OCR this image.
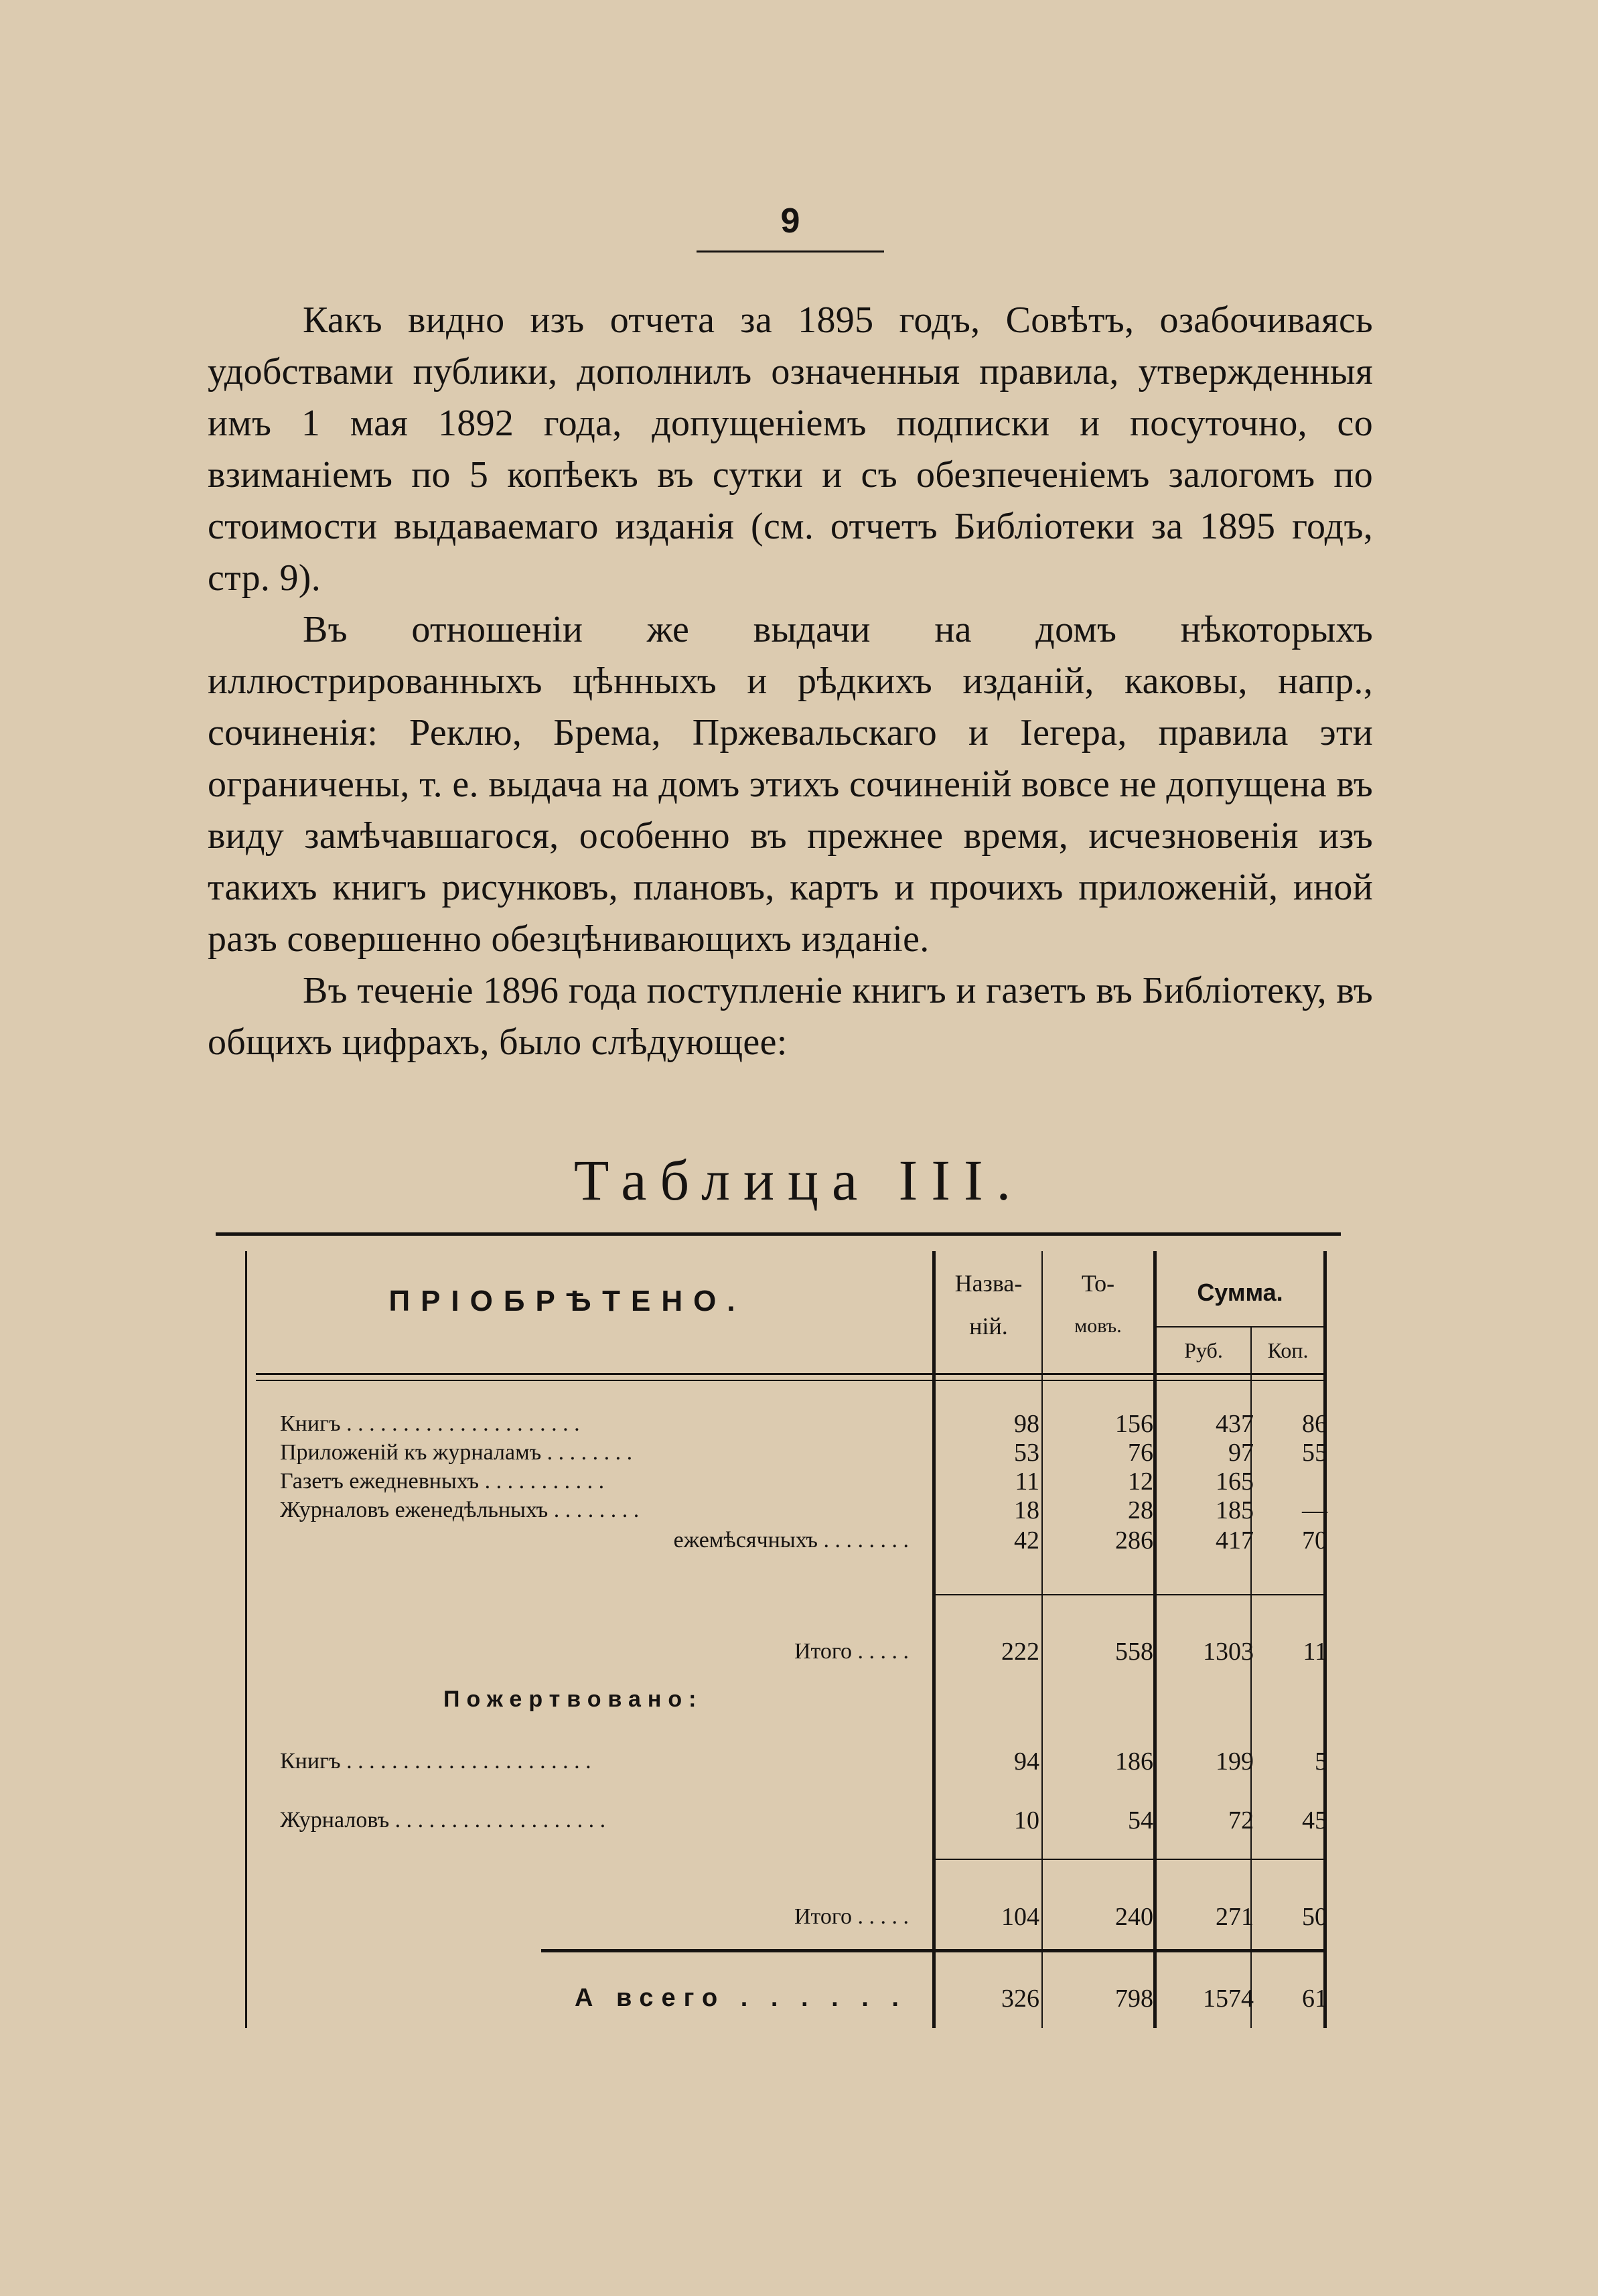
9

Какъ видно изъ отчета за 1895 годъ, Совѣтъ, озабочиваясь удобствами публики, дополнилъ означенныя правила, утвержденныя имъ 1 мая 1892 года, допущеніемъ подписки и посуточно, со взиманіемъ по 5 копѣекъ въ сутки и съ обезпеченіемъ залогомъ по стоимости выдаваемаго изданія (см. отчетъ Библіотеки за 1895 годъ, стр. 9).

Въ отношеніи же выдачи на домъ нѣкоторыхъ иллюстрированныхъ цѣнныхъ и рѣдкихъ изданій, каковы, напр., сочиненія: Реклю, Брема, Пржевальскаго и Iегера, правила эти ограничены, т. е. выдача на домъ этихъ сочиненій вовсе не допущена въ виду замѣчавшагося, особенно въ прежнее время, исчезновенія изъ такихъ книгъ рисунковъ, плановъ, картъ и прочихъ приложеній, иной разъ совершенно обезцѣнивающихъ изданіе.

Въ теченіе 1896 года поступленіе книгъ и газетъ въ Библіотеку, въ общихъ цифрахъ, было слѣдующее:

Таблица III.
ПРІОБРѢТЕНО.
Назва-
ній.
То-
мовъ.
Сумма.
Руб.	Коп.
Книгъ . . . . . . . . . . . . . . . . . . . . .	98	156	437	86
Приложеній къ журналамъ . . . . . . . .	53	76	97	55
Газетъ ежедневныхъ . . . . . . . . . . .	11	12	165
Журналовъ еженедѣльныхъ . . . . . . . .	18	28	185	—
ежемѣсячныхъ . . . . . . . .	42	286	417	70
Итого . . . . .	222	558	1303	11
Пожертвовано:
Книгъ . . . . . . . . . . . . . . . . . . . . . .	94	186	199	5
Журналовъ . . . . . . . . . . . . . . . . . . .	10	54	72	45
Итого . . . . .	104	240	271	50
А всего . . . . . .	326	798	1574	61
